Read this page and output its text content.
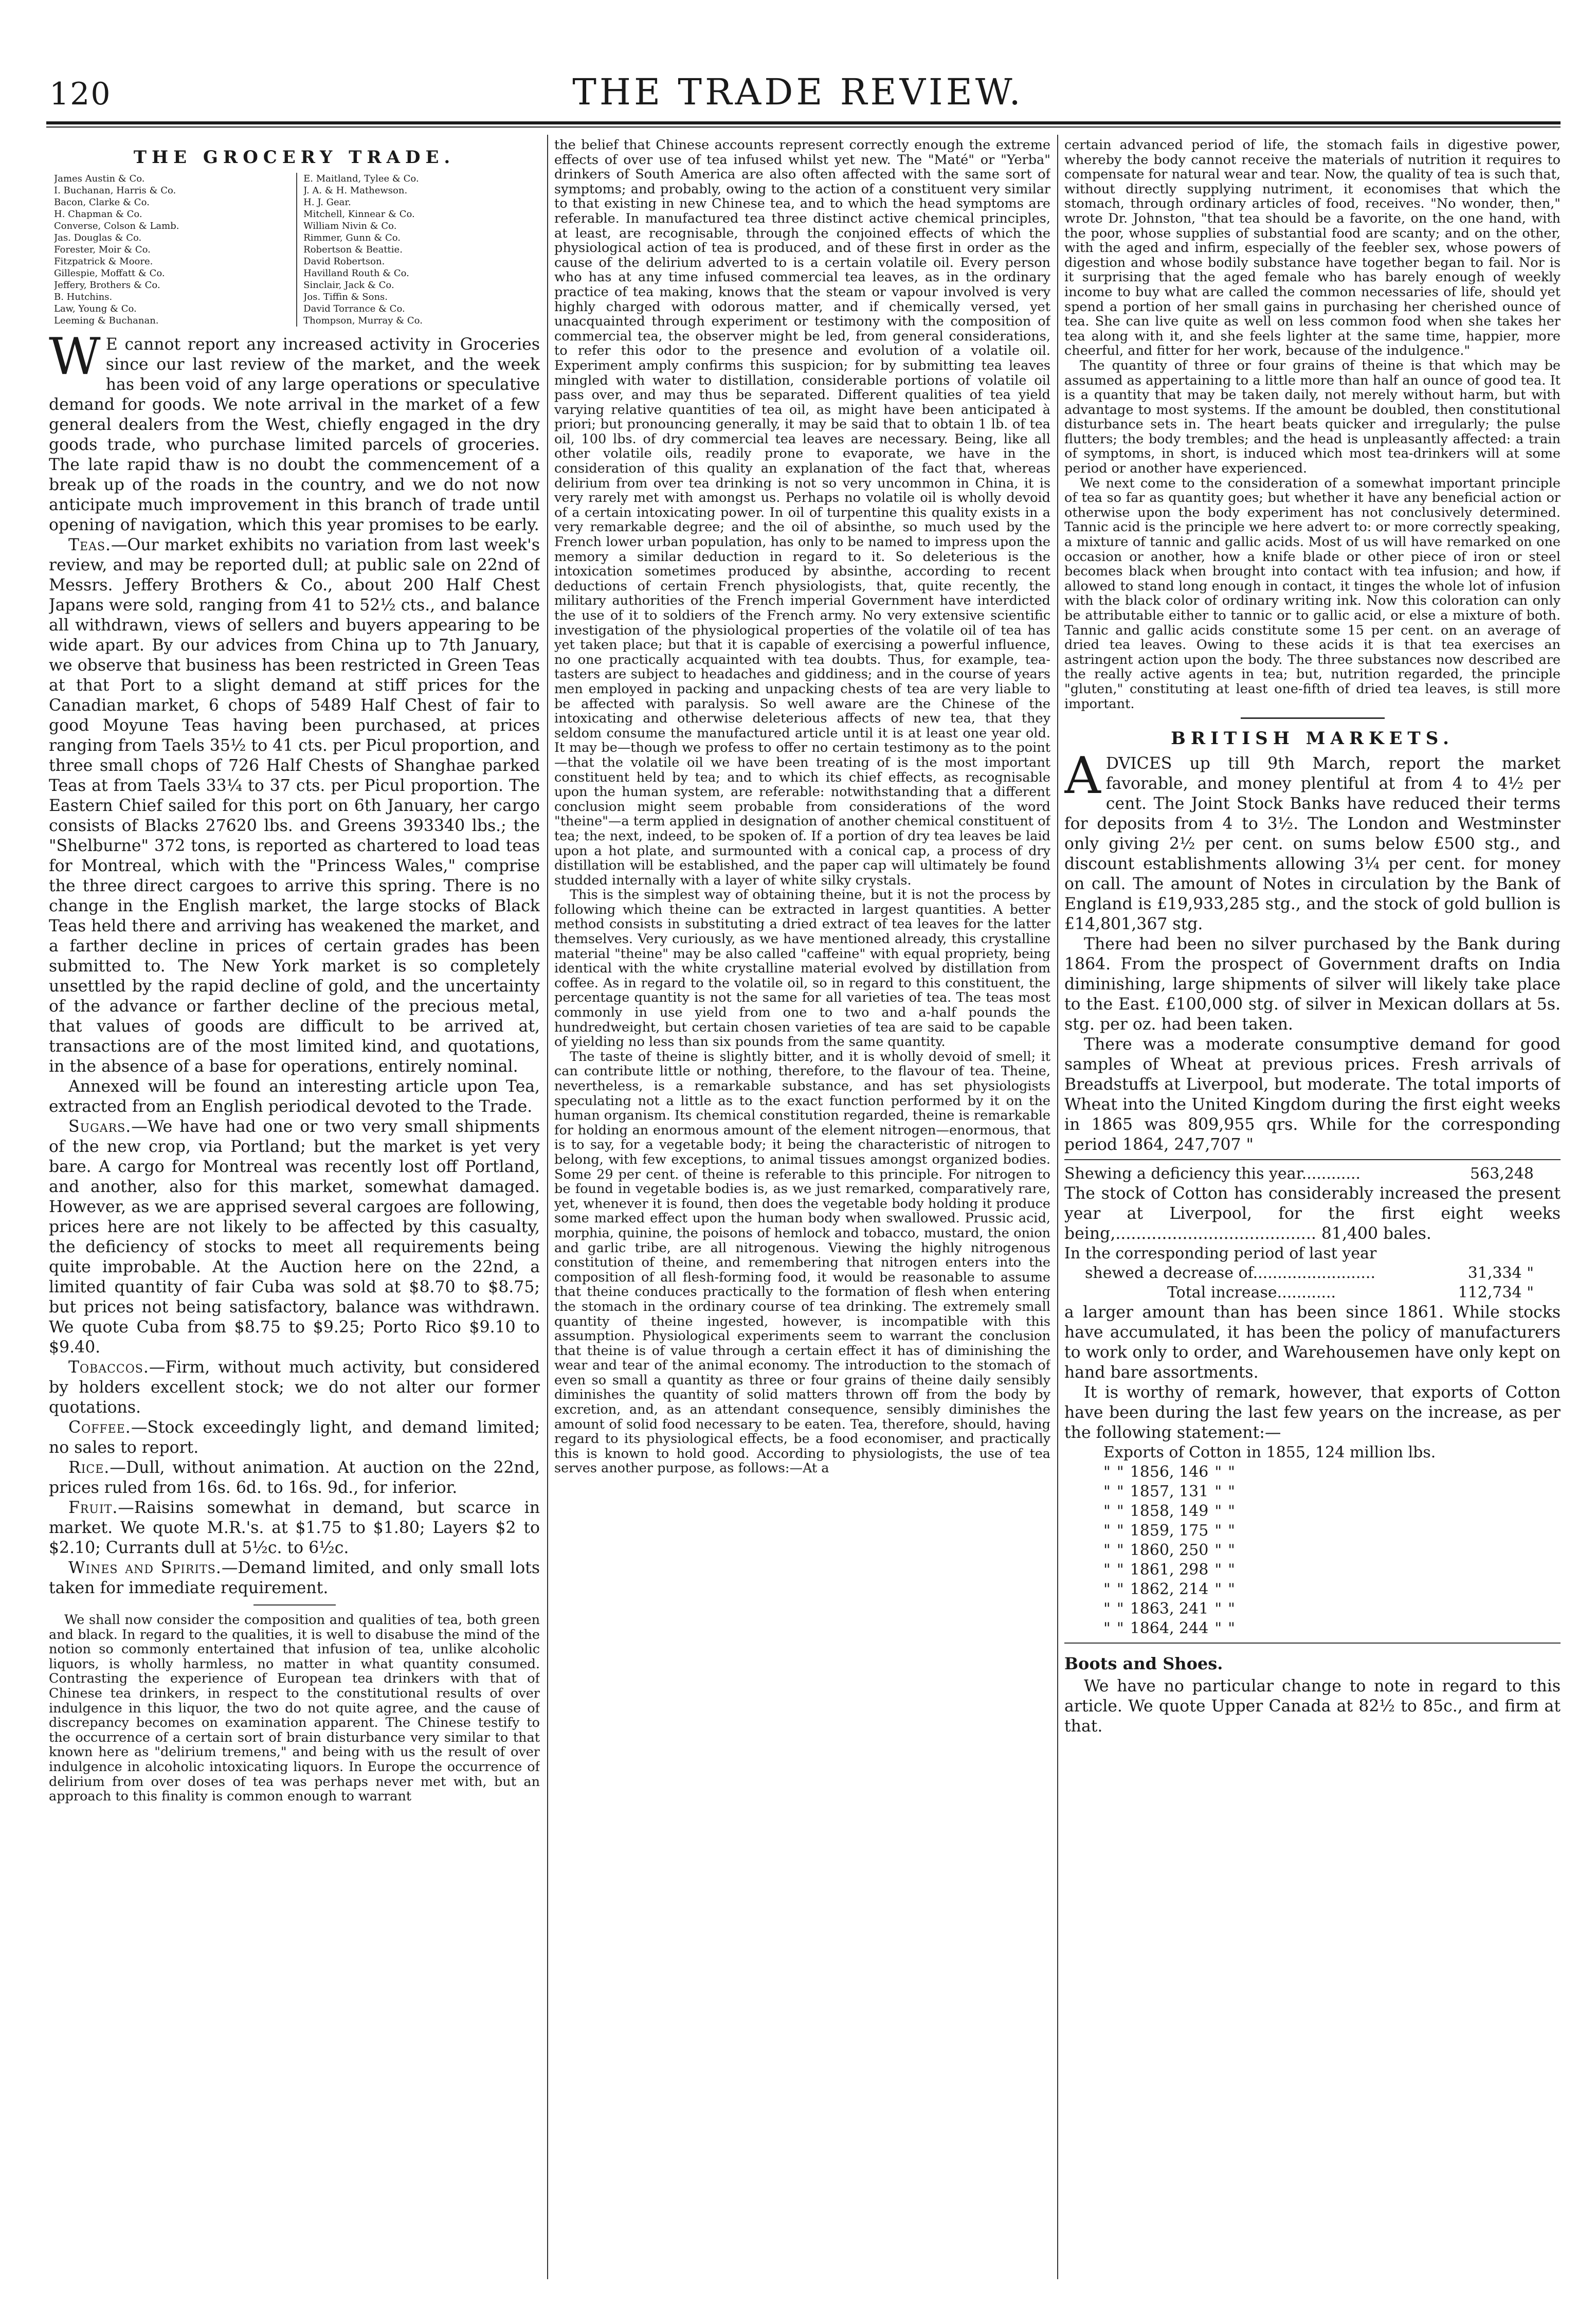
120	THE TRADE REVIEW.
THE GROCERY TRADE.
James Austin & Co.
I. Buchanan, Harris & Co.
Bacon, Clarke & Co.
H. Chapman & Co.
Converse, Colson & Lamb.
Jas. Douglas & Co.
Forester, Moir & Co.
Fitzpatrick & Moore.
Gillespie, Moffatt & Co.
Jeffery, Brothers & Co.
B. Hutchins.
Law, Young & Co.
Leeming & Buchanan.
E. Maitland, Tylee & Co.
J. A. & H. Mathewson.
H. J. Gear.
Mitchell, Kinnear & Co.
William Nivin & Co.
Rimmer, Gunn & Co.
Robertson & Beattie.
David Robertson.
Havilland Routh & Co.
Sinclair, Jack & Co.
Jos. Tiffin & Sons.
David Torrance & Co.
Thompson, Murray & Co.

W E cannot report any increased activity in Groceries since our last review of the market, and the week has been void of any large operations or speculative demand for goods. We note arrival in the market of a few general dealers from the West, chiefly engaged in the dry goods trade, who purchase limited parcels of groceries. The late rapid thaw is no doubt the commencement of a break up of the roads in the country, and we do not now anticipate much improvement in this branch of trade until opening of navigation, which this year promises to be early.

Teas.—Our market exhibits no variation from last week's review, and may be reported dull; at public sale on 22nd of Messrs. Jeffery Brothers & Co., about 200 Half Chest Japans were sold, ranging from 41 to 52½ cts., and balance all withdrawn, views of sellers and buyers appearing to be wide apart. By our advices from China up to 7th January, we observe that business has been restricted in Green Teas at that Port to a slight demand at stiff prices for the Canadian market, 6 chops of 5489 Half Chest of fair to good Moyune Teas having been purchased, at prices ranging from Taels 35½ to 41 cts. per Picul proportion, and three small chops of 726 Half Chests of Shanghae parked Teas at from Taels 33¼ to 37 cts. per Picul proportion. The Eastern Chief sailed for this port on 6th January, her cargo consists of Blacks 27620 lbs. and Greens 393340 lbs.; the "Shelburne" 372 tons, is reported as chartered to load teas for Montreal, which with the "Princess Wales," comprise the three direct cargoes to arrive this spring. There is no change in the English market, the large stocks of Black Teas held there and arriving has weakened the market, and a farther decline in prices of certain grades has been submitted to. The New York market is so completely unsettled by the rapid decline of gold, and the uncertainty of the advance or farther decline of the precious metal, that values of goods are difficult to be arrived at, transactions are of the most limited kind, and quotations, in the absence of a base for operations, entirely nominal.

Annexed will be found an interesting article upon Tea, extracted from an English periodical devoted to the Trade.

Sugars.—We have had one or two very small shipments of the new crop, via Portland; but the market is yet very bare. A cargo for Montreal was recently lost off Portland, and another, also for this market, somewhat damaged. However, as we are apprised several cargoes are following, prices here are not likely to be affected by this casualty, the deficiency of stocks to meet all requirements being quite improbable. At the Auction here on the 22nd, a limited quantity of fair Cuba was sold at $8.70 to $8.75; but prices not being satisfactory, balance was withdrawn. We quote Cuba from $8.75 to $9.25; Porto Rico $9.10 to $9.40.

Tobaccos.—Firm, without much activity, but considered by holders excellent stock; we do not alter our former quotations.

Coffee.—Stock exceedingly light, and demand limited; no sales to report.

Rice.—Dull, without animation. At auction on the 22nd, prices ruled from 16s. 6d. to 16s. 9d., for inferior.

Fruit.—Raisins somewhat in demand, but scarce in market. We quote M.R.'s. at $1.75 to $1.80; Layers $2 to $2.10; Currants dull at 5½c. to 6½c.

Wines and Spirits.—Demand limited, and only small lots taken for immediate requirement.

We shall now consider the composition and qualities of tea, both green and black. In regard to the qualities, it is well to disabuse the mind of the notion so commonly entertained that infusion of tea, unlike alcoholic liquors, is wholly harmless, no matter in what quantity consumed. Contrasting the experience of European tea drinkers with that of Chinese tea drinkers, in respect to the constitutional results of over indulgence in this liquor, the two do not quite agree, and the cause of discrepancy becomes on examination apparent. The Chinese testify to the occurrence of a certain sort of brain disturbance very similar to that known here as "delirium tremens," and being with us the result of over indulgence in alcoholic intoxicating liquors. In Europe the occurrence of delirium from over doses of tea was perhaps never met with, but an approach to this finality is common enough to warrant

the belief that Chinese accounts represent correctly enough the extreme effects of over use of tea infused whilst yet new. The "Maté" or "Yerba" drinkers of South America are also often affected with the same sort of symptoms; and probably, owing to the action of a constituent very similar to that existing in new Chinese tea, and to which the head symptoms are referable. In manufactured tea three distinct active chemical principles, at least, are recognisable, through the conjoined effects of which the physiological action of tea is produced, and of these first in order as the cause of the delirium adverted to is a certain volatile oil. Every person who has at any time infused commercial tea leaves, as in the ordinary practice of tea making, knows that the steam or vapour involved is very highly charged with odorous matter, and if chemically versed, yet unacquainted through experiment or testimony with the composition of commercial tea, the observer might be led, from general considerations, to refer this odor to the presence and evolution of a volatile oil. Experiment amply confirms this suspicion; for by submitting tea leaves mingled with water to distillation, considerable portions of volatile oil pass over, and may thus be separated. Different qualities of tea yield varying relative quantities of tea oil, as might have been anticipated à priori; but pronouncing generally, it may be said that to obtain 1 lb. of tea oil, 100 lbs. of dry commercial tea leaves are necessary. Being, like all other volatile oils, readily prone to evaporate, we have in the consideration of this quality an explanation of the fact that, whereas delirium from over tea drinking is not so very uncommon in China, it is very rarely met with amongst us. Perhaps no volatile oil is wholly devoid of a certain intoxicating power. In oil of turpentine this quality exists in a very remarkable degree; and the oil of absinthe, so much used by the French lower urban population, has only to be named to impress upon the memory a similar deduction in regard to it. So deleterious is the intoxication sometimes produced by absinthe, according to recent deductions of certain French physiologists, that, quite recently, the military authorities of the French imperial Government have interdicted the use of it to soldiers of the French army. No very extensive scientific investigation of the physiological properties of the volatile oil of tea has yet taken place; but that it is capable of exercising a powerful influence, no one practically acquainted with tea doubts. Thus, for example, tea-tasters are subject to headaches and giddiness; and in the course of years men employed in packing and unpacking chests of tea are very liable to be affected with paralysis. So well aware are the Chinese of the intoxicating and otherwise deleterious affects of new tea, that they seldom consume the manufactured article until it is at least one year old. It may be—though we profess to offer no certain testimony as to the point—that the volatile oil we have been treating of is the most important constituent held by tea; and to which its chief effects, as recognisable upon the human system, are referable: notwithstanding that a different conclusion might seem probable from considerations of the word "theine"—a term applied in designation of another chemical constituent of tea; the next, indeed, to be spoken of. If a portion of dry tea leaves be laid upon a hot plate, and surmounted with a conical cap, a process of dry distillation will be established, and the paper cap will ultimately be found studded internally with a layer of white silky crystals.

This is the simplest way of obtaining theine, but it is not the process by following which theine can be extracted in largest quantities. A better method consists in substituting a dried extract of tea leaves for the latter themselves. Very curiously, as we have mentioned already, this crystalline material "theine" may be also called "caffeine" with equal propriety, being identical with the white crystalline material evolved by distillation from coffee. As in regard to the volatile oil, so in regard to this constituent, the percentage quantity is not the same for all varieties of tea. The teas most commonly in use yield from one to two and a-half pounds the hundredweight, but certain chosen varieties of tea are said to be capable of yielding no less than six pounds from the same quantity.

The taste of theine is slightly bitter, and it is wholly devoid of smell; it can contribute little or nothing, therefore, to the flavour of tea. Theine, nevertheless, is a remarkable substance, and has set physiologists speculating not a little as to the exact function performed by it on the human organism. Its chemical constitution regarded, theine is remarkable for holding an enormous amount of the element nitrogen—enormous, that is to say, for a vegetable body; it being the characteristic of nitrogen to belong, with few exceptions, to animal tissues amongst organized bodies. Some 29 per cent. of theine is referable to this principle. For nitrogen to be found in vegetable bodies is, as we just remarked, comparatively rare, yet, whenever it is found, then does the vegetable body holding it produce some marked effect upon the human body when swallowed. Prussic acid, morphia, quinine, the poisons of hemlock and tobacco, mustard, the onion and garlic tribe, are all nitrogenous. Viewing the highly nitrogenous constitution of theine, and remembering that nitrogen enters into the composition of all flesh-forming food, it would be reasonable to assume that theine conduces practically to the formation of flesh when entering the stomach in the ordinary course of tea drinking. The extremely small quantity of theine ingested, however, is incompatible with this assumption. Physiological experiments seem to warrant the conclusion that theine is of value through a certain effect it has of diminishing the wear and tear of the animal economy. The introduction to the stomach of even so small a quantity as three or four grains of theine daily sensibly diminishes the quantity of solid matters thrown off from the body by excretion, and, as an attendant consequence, sensibly diminishes the amount of solid food necessary to be eaten. Tea, therefore, should, having regard to its physiological effects, be a food economiser, and practically this is known to hold good. According to physiologists, the use of tea serves another purpose, as follows:—At a

certain advanced period of life, the stomach fails in digestive power, whereby the body cannot receive the materials of nutrition it requires to compensate for natural wear and tear. Now, the quality of tea is such that, without directly supplying nutriment, it economises that which the stomach, through ordinary articles of food, receives. "No wonder, then," wrote Dr. Johnston, "that tea should be a favorite, on the one hand, with the poor, whose supplies of substantial food are scanty; and on the other, with the aged and infirm, especially of the feebler sex, whose powers of digestion and whose bodily substance have together began to fail. Nor is it surprising that the aged female who has barely enough of weekly income to buy what are called the common necessaries of life, should yet spend a portion of her small gains in purchasing her cherished ounce of tea. She can live quite as well on less common food when she takes her tea along with it, and she feels lighter at the same time, happier, more cheerful, and fitter for her work, because of the indulgence."

The quantity of three or four grains of theine is that which may be assumed as appertaining to a little more than half an ounce of good tea. It is a quantity that may be taken daily, not merely without harm, but with advantage to most systems. If the amount be doubled, then constitutional disturbance sets in. The heart beats quicker and irregularly; the pulse flutters; the body trembles; and the head is unpleasantly affected: a train of symptoms, in short, is induced which most tea-drinkers will at some period or another have experienced.

We next come to the consideration of a somewhat important principle of tea so far as quantity goes; but whether it have any beneficial action or otherwise upon the body experiment has not conclusively determined. Tannic acid is the principle we here advert to: or more correctly speaking, a mixture of tannic and gallic acids. Most of us will have remarked on one occasion or another, how a knife blade or other piece of iron or steel becomes black when brought into contact with tea infusion; and how, if allowed to stand long enough in contact, it tinges the whole lot of infusion with the black color of ordinary writing ink. Now this coloration can only be attributable either to tannic or to gallic acid, or else a mixture of both. Tannic and gallic acids constitute some 15 per cent. on an average of dried tea leaves. Owing to these acids it is that tea exercises an astringent action upon the body. The three substances now described are the really active agents in tea; but, nutrition regarded, the principle "gluten," constituting at least one-fifth of dried tea leaves, is still more important.

BRITISH MARKETS.

ADVICES up till 9th March, report the market favorable, and money plentiful at from 4 to 4½ per cent. The Joint Stock Banks have reduced their terms for deposits from 4 to 3½. The London and Westminster only giving 2½ per cent. on sums below £500 stg., and discount establishments allowing 3¼ per cent. for money on call. The amount of Notes in circulation by the Bank of England is £19,933,285 stg., and the stock of gold bullion is £14,801,367 stg.

There had been no silver purchased by the Bank during 1864. From the prospect of Government drafts on India diminishing, large shipments of silver will likely take place to the East. £100,000 stg. of silver in Mexican dollars at 5s. stg. per oz. had been taken.

There was a moderate consumptive demand for good samples of Wheat at previous prices. Fresh arrivals of Breadstuffs at Liverpool, but moderate. The total imports of Wheat into the United Kingdom during the first eight weeks in 1865 was 809,955 qrs. While for the corresponding period 1864, 247,707 "

Shewing a deficiency this year............	563,248

The stock of Cotton has considerably increased the present year at Liverpool, for the first eight weeks being,....................................... 81,400 bales.

In the corresponding period of last year	
shewed a decrease of.........................	31,334 "
Total increase............	112,734 "

a larger amount than has been since 1861. While stocks have accumulated, it has been the policy of manufacturers to work only to order, and Warehousemen have only kept on hand bare assortments.

It is worthy of remark, however, that exports of Cotton have been during the last few years on the increase, as per the following statement:—

Exports of Cotton in 1855, 124 million lbs.
"	"	1856, 146	"	"
"	"	1857, 131	"	"
"	"	1858, 149	"	"
"	"	1859, 175	"	"
"	"	1860, 250	"	"
"	"	1861, 298	"	"
"	"	1862, 214	"	"
"	"	1863, 241	"	"
"	"	1864, 244	"	"
Boots and Shoes.

We have no particular change to note in regard to this article. We quote Upper Canada at 82½ to 85c., and firm at that.
